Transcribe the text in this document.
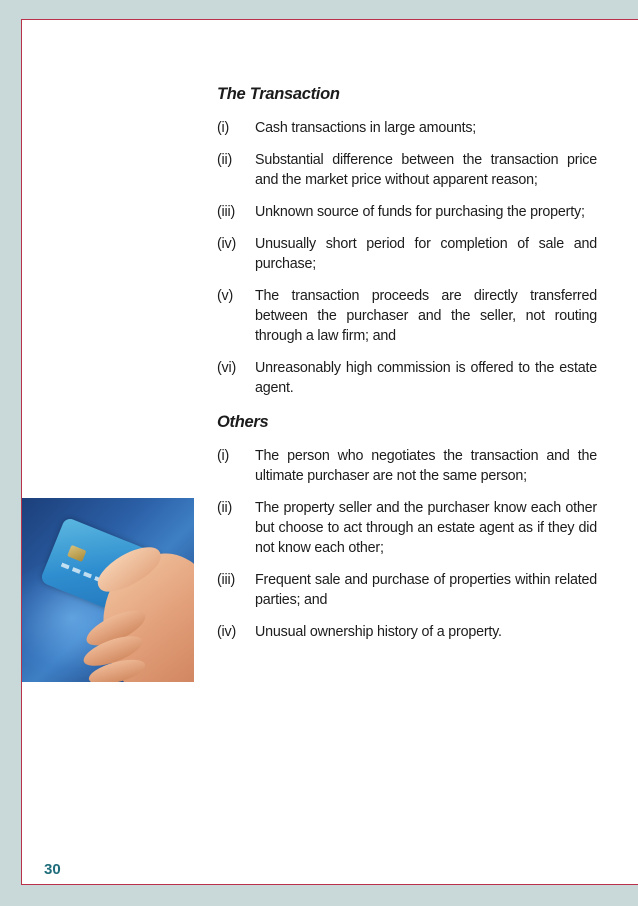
The Transaction
(i)	Cash transactions in large amounts;
(ii)	Substantial difference between the transaction price and the market price without apparent reason;
(iii)	Unknown source of funds for purchasing the property;
(iv)	Unusually short period for completion of sale and purchase;
(v)	The transaction proceeds are directly transferred between the purchaser and the seller, not routing through a law firm; and
(vi)	Unreasonably high commission is offered to the estate agent.
Others
(i)	The person who negotiates the transaction and the ultimate purchaser are not the same person;
(ii)	The property seller and the purchaser know each other but choose to act through an estate agent as if they did not know each other;
(iii)	Frequent sale and purchase of properties within related parties; and
(iv)	Unusual ownership history of a property.
30
